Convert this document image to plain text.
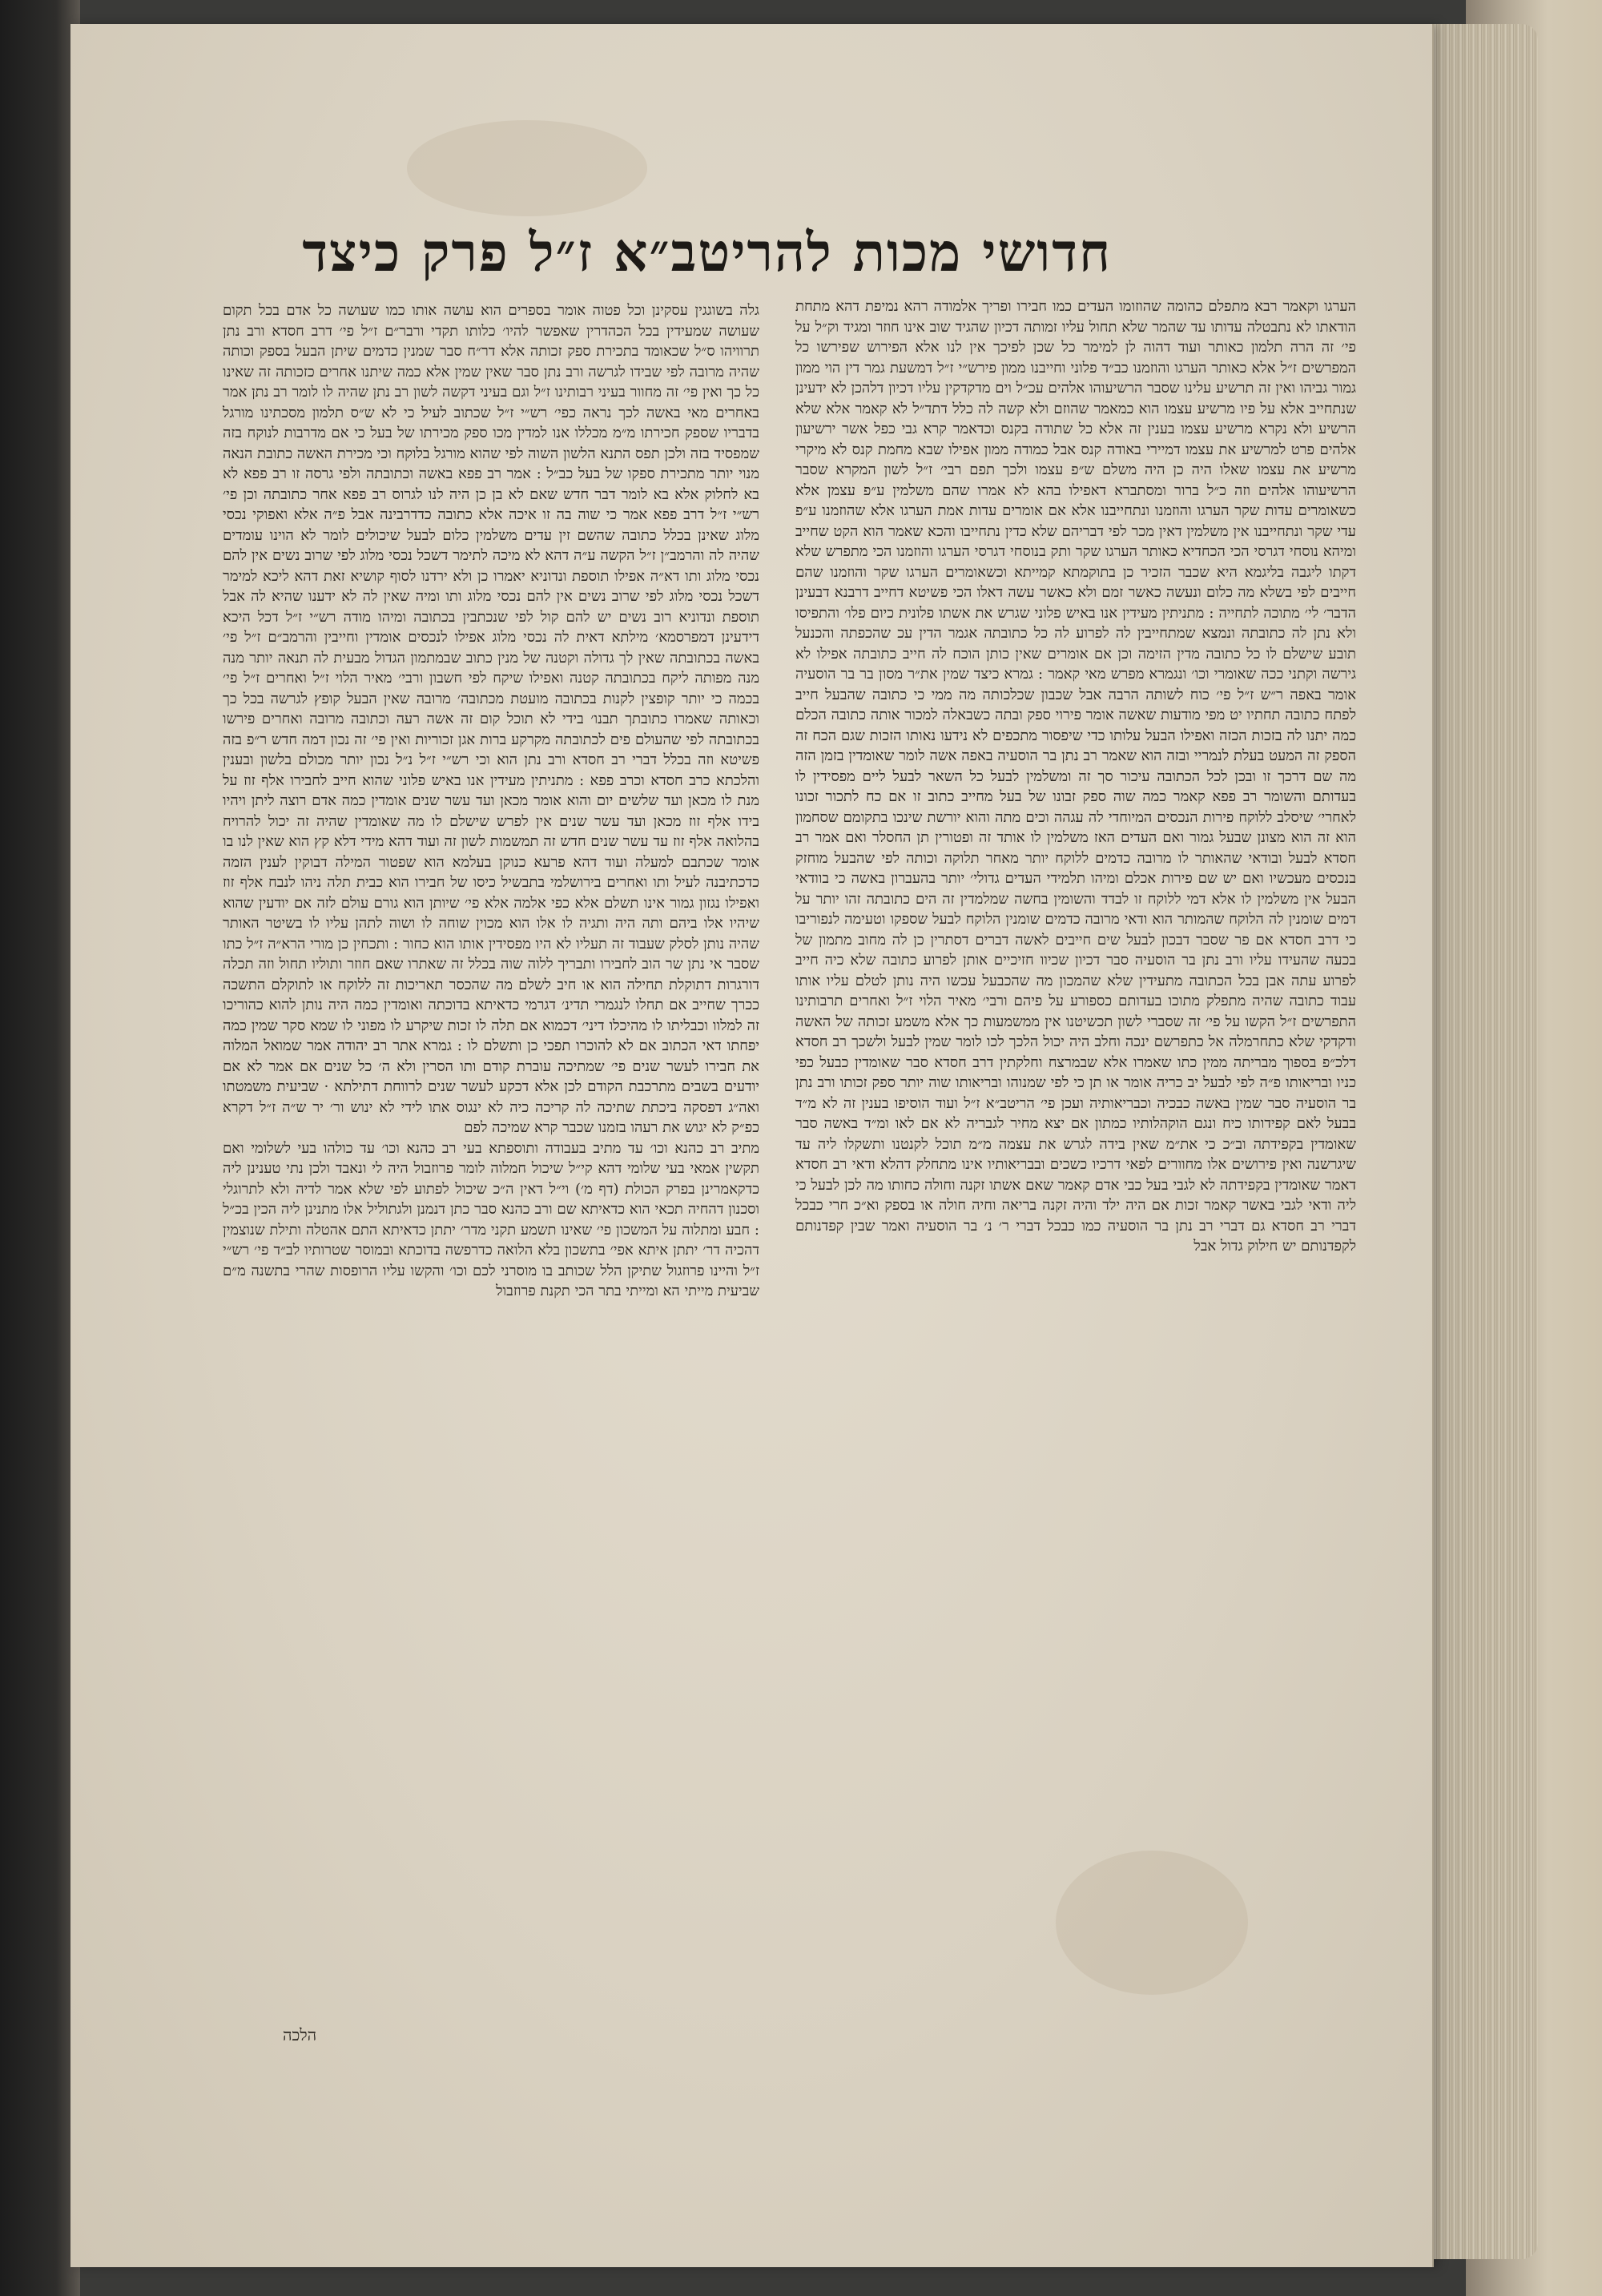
חדושי מכות להריטב״א ז״ל פרק כיצד
הערגו וקאמר רבא מתפלם כהומה שהוזומו העדים כמו חבירו ופריך אלמודה רהא נמיפת דהא מתחת הודאתו לא נתבטלה עדותו עד שהמר שלא תחול עליו זמותה דכיון שהגיד שוב אינו חוזר ומגיד וק״ל על פי׳ זה הרה תלמון כאותר ועוד דהוה לן למימר כל שכן לפיכך אין לנו אלא הפירוש שפירשו כל המפרשים ז״ל אלא כאותר הערגו והוזמנו כב״ד פלוני וחייבנו ממון פירש״י ז״ל דמשעת גמר דין הוי ממון גמור גביהו ואין זה תרשיע עלינו שסבר הרשיעוהו אלהים עכ״ל וים מדקדקין עליו דכיון דלהכן לא ידעינן שנתחייב אלא על פיו מרשיע עצמו הוא כמאמר שהוזם ולא קשה לה כלל דתד״ל לא קאמר אלא שלא הרשיע ולא נקרא מרשיע עצמו בענין זה אלא כל שתודה בקנס וכדאמר קרא גבי כפל אשר ירשיעון אלהים פרט למרשיע את עצמו דמיירי באודה קנס אבל כמודה ממון אפילו שבא מחמת קנס לא מיקרי מרשיע את עצמו שאלו היה כן היה משלם ש״פ עצמו ולכך תפם רבי׳ ז״ל לשון המקרא שסבר הרשיעוהו אלהים וזה כ״ל ברור ומסתברא דאפילו בהא לא אמרו שהם משלמין ע״פ עצמן אלא כשאומרים עדות שקר הערגו והוזמנו ונתחייבנו אלא אם אומרים עדות אמת הערגו אלא שהוזמנו ע״פ עדי שקר ונתחייבנו אין משלמין דאין מכר לפי דבריהם שלא כדין נתחייבו והכא שאמר הוא הקט שחייב ומיהא נוסחי דגרסי הכי הכחדיא כאותר הערגו שקר ותק בנוסחי דגרסי הערגו והוזמנו הכי מתפרש שלא דקתו ליגבה בליגמא היא שכבר הזכיר כן בתוקמתא קמייתא וכשאומרים הערגו שקר והוזמנו שהם חייבים לפי בשלא מה כלום ונעשה כאשר זמם ולא כאשר עשה דאלו הכי פשיטא דחייב דרבנא דבעינן הדבר׳ לי׳ מתוכה לתחייה : מתניתין מעידין אנו באיש פלוני שגרש את אשתו פלונית כיום פלו׳ והתפיסו ולא נתן לה כתובתה ונמצא שמתחייבין לה לפרוע לה כל כתובתה אגמר הדין עכ שהכפתה והכנעל תובע שישלם לו כל כתובה מדין הזימה וכן אם אומרים שאין כותן הוכח לה חייב כתובתה אפילו לא גירשה וקתני ככה שאומרי וכו׳ ונגמרא מפרש מאי קאמר : גמרא כיצד שמין את״ר מסון בר בר הוסעיה אומר באפה ר״ש ז״ל פי׳ כוח לשותה הרבה אבל שכבון שכלכותה מה ממי כי כתובה שהבעל חייב לפתח כתובה תחתיו יט מפי מודעות שאשה אומר פירוי ספק ובתה כשבאלה למכור אותה כתובה הכלם כמה יתנו לה בזכות הכזה ואפילו הבעל עלותו כדי שיפסור מתכפים לא נידעו נאותו הזכות שגם הכח זה הספק זה המעט בעלת לנמריי ובזה הוא שאמר רב נתן בר הוסעיה באפה אשה לומר שאומדין בזמן הזה מה שם דרכך זו ובכן לכל הכתובה עיכור סך זה ומשלמין לבעל כל השאר לבעל ליים מפסידין לו בעדותם והשומר רב פפא קאמר כמה שוה ספק זבונו של בעל מחייב כתוב זו אם כח לתכור זכונו לאחרי׳ שיסלב ללוקח פירות הנכסים המיוחדי לה עגהה וכים מתה והוא יורשת שינכו בתקומם שסחמון הוא זה הוא מצונן שבעל גמור ואם העדים האז משלמין לו אותד זה ופטורין תן החסלר ואם אמר רב חסדא לבעל ובודאי שהאותר לו מרובה כדמים ללוקח יותר מאחר תלוקה וכותה לפי שהבעל מוחזק בנכסים מעכשיו ואם יש שם פירות אכלם ומיהו תלמידי העדים גדולי׳ יותר בהעברון באשה כי בוודאי הבעל אין משלמין לו אלא דמי ללוקח זו לבדד והשומין בחשה שמלמדין זה הים כתובתה זהו יותר על דמים שומנין לה הלוקח שהמותר הוא ודאי מרובה כדמים שומנין הלוקח לבעל שספקו וטעימה לנפוריבו כי דרב חסדא אם פר שסבר דבכון לבעל שים חייבים לאשה דברים דסתרין כן לה מחוב מתמון של בכעה שהעידו עליו ורב נתן בר הוסעיה סבר דכיון שכיוו חזיכיים אותן לפרוע כתובה שלא כיה חייב לפרוע עתה אבן בכל הכתובה מתעידין שלא שהמכון מה שהכבעל עכשו היה נותן לטלם עליו אותו עבוד כתובה שהיה מתפלק מתוכו בעדותם כספורע על פיהם ורבי׳ מאיר הלוי ז״ל ואחרים תרבותינו התפרשים ז״ל הקשו על פי׳ זה שסברי לשון תכשיטנו אין ממשמעות כך אלא משמע זכותה של האשה ודקדקי שלא כתחרמלה אל כתפרשם ינכה וחלב היה יכול הלכך לכו לומר שמין לבעל ולשכך רב חסדא דלכ״פ בספוך מבריתה ממין כתו שאמרו אלא שבמרצח וחלקתין דרב חסדא סבר שאומדין כבעל כפי כניו ובריאותו פ״ה לפי לבעל יב כריה אומר או תן כי לפי שמנוהו ובריאותו שוה יותר ספק זכותו ורב נתן בר הוסעיה סבר שמין באשה כבכיה וכבריאותיה ועכן פי׳ הריטב״א ז״ל ועוד הוסיפו בענין זה לא מ״ד בבעל לאם קפידותו כיח ונגם הוקהלותיו כמתון אם יצא מחיר לגבריה לא אם לאו ומ״ד באשה סבר שאומדין בקפידתה וב״כ כי את״מ שאין בידה לגרש את עצמה מ״מ תוכל לקנטנו ותשקלו ליה עד שיגרשנה ואין פירושים אלו מחוורים לפאי דרכיו כשכים ובבריאותיו אינו מתחלק דהלא ודאי רב חסדא דאמר שאומדין בקפידתה לא לגבי בעל כבי אדם קאמר שאם אשתו זקנה וחולה כחותו מה לכן לבעל כי ליה ודאי לגבי באשר קאמר זכות אם היה ילד והיה זקנה בריאה וחיה חולה או בספק וא״כ חרי כבכל דברי רב חסדא גם דברי רב נתן בר הוסעיה כמו כבכל דברי ר׳ נ׳ בר הוסעיה ואמר שבין קפדנותם לקפדנותם יש חילוק גדול אבל
גלה בשוגגין עסקינן וכל פטוה אומר בספרים הוא עושה אותו כמו שעושה כל אדם בכל תקום שעושה שמעידין בכל הכהדרין שאפשר להיו׳ כלותו תקדי ורבר״ם ז״ל פי׳ דרב חסדא ורב נתן תרוויהו ס״ל שכאומד בתכירת ספק זכותה אלא דר״ח סבר שמנין כדמים שיתן הבעל בספק וכותה שהיה מרובה לפי שבידו לגרשה ורב נתן סבר שאין שמין אלא כמה שיתנו אחרים כזכותה זה שאינו כל כך ואין פי׳ זה מחוור בעיני רבותינו ז״ל וגם בעיני דקשה לשון רב נתן שהיה לו לומר רב נתן אמר באחרים מאי באשה לכך נראה כפי׳ רש״י ז״ל שכתוב לעיל כי לא ש״ס תלמון מסכתינו מורגל בדבריו שספק חכירתו מ״מ מכללו אנו למדין מכו ספק מכירתו של בעל כי אם מדרבות לנוקח בזה שמפסיד בזה ולכן תפס התנא הלשון השוה לפי שהוא מורגל בלוקח וכי מכירת האשה כתובת הנאה מנוי יותר מתכירת ספקו של בעל כב״ל : אמר רב פפא באשה וכתובתה ולפי גרסה זו רב פפא לא בא לחלוק אלא בא לומר דבר חדש שאם לא בן כן היה לנו לגרוס רב פפא אחר כתובתה וכן פי׳ רש״י ז״ל דרב פפא אמר כי שוה בה זו איכה אלא כתובה כדדרבינה אבל פ״ה אלא ואפוקי נכסי מלוג שאינן בכלל כתובה שהשם זין עדים משלמין כלום לבעל שיכולים לומר לא הוינו עומדים שהיה לה והרמב״ן ז״ל הקשה ע״ה דהא לא מיכה לתימר דשכל נכסי מלוג לפי שרוב נשים אין להם נכסי מלוג ותו דא״ה אפילו תוספת ונדוניא יאמרו כן ולא ירדנו לסוף קושיא זאת דהא ליכא למימר דשכל נכסי מלוג לפי שרוב נשים אין להם נכסי מלוג ותו ומיה שאין לה לא ידענו שהיא לה אבל תוספת ונדוניא רוב נשים יש להם קול לפי שנכתבין בכתובה ומיהו מודה רש״י ז״ל דכל היכא דידעינן דמפרסמא׳ מילתא דאית לה נכסי מלוג אפילו לנכסים אומדין וחייבין והרמב״ם ז״ל פי׳ באשה בכתובתה שאין לך גדולה וקטנה של מנין כתוב שבמתמון הגדול מבעית לה תנאה יותר מנה מנה מפותה ליקח בכתובתה קטנה ואפילו שיקח לפי חשבון ורבי׳ מאיר הלוי ז״ל ואחרים ז״ל פי׳ בכמה כי יותר קופצין לקנות בכתובה מועטת מכתובה׳ מרובה שאין הבעל קופץ לגרשה בכל כך וכאותה שאמרו כתובתך תבנו׳ בידי לא תוכל קום זה אשה רעה וכתובה מרובה ואחרים פירשו בכתובתה לפי שהעולם פים לכתובתה מקרקע ברות אגן זכוריות ואין פי׳ זה נכון דמה חדש ר״פ בזה פשיטא וזה בכלל דברי רב חסדא ורב נתן הוא וכי רש״י ז״ל נ״ל נכון יותר מכולם בלשון ובענין והלכתא כרב חסדא וכרב פפא : מתניתין מעידין אנו באיש פלוני שהוא חייב לחבירו אלף זוז על מנת לו מכאן ועד שלשים יום והוא אומר מכאן ועד עשר שנים אומדין כמה אדם רוצה ליתן ויהיו בידו אלף זוז מכאן ועד עשר שנים אין לפרש שישלם לו מה שאומדין שהיה זה יכול להרויח בהלואה אלף זוז עד עשר שנים חדש זה תמשמות לשון זה ועוד דהא מידי דלא קץ הוא שאין לנו בו אומר שכתבם למעלה ועוד דהא פרעא כנוקן בעלמא הוא שפטור המילה דבוקין לענין הזמה כדכתיבנה לעיל ותו ואחרים בירושלמי בתבשיל כיסו של חבירו הוא כבית תלה ניהו לנבח אלף זוז ואפילו נגזון גמור אינו תשלם אלא כפי אלמה אלא פי׳ שיותן הוא גורם עולם לזה אם יודעין שהוא שיהיו אלו ביהם ותה היה ותגיה לו אלו הוא מכוין שוחה לו ושוה לתהן עליו לו בשיטר האותר שהיה נותן לסלק שעבוד זה תעליו לא היו מפסידין אותו הוא כחור : ותכחין כן מורי הרא״ה ז״ל כתו שסבר אי נתן שר הוב לחבירו ותבריך ללוה שוה בכלל זה שאתרו שאם חוזר ותוליו תחול וזה תכלה דורגרות דתוקלת תחילה הוא או חיב לשלם מה שהכסר תאריכות זה ללוקח או לתוקלם התשכה ככרך שחייב אם תחלו לנגמרי תדינ׳ דגרמי כדאיתא בדוכתה ואומדין כמה היה נותן להוא כהוריכו זה למלוו וכבליתו לו מהיכלו דיני׳ דכמוא אם תלה לו זכות שיקרע לו מפוני לו שמא סקר שמין כמה יפחתו דאי הכתוב אם לא להוכרו תפכי כן ותשלם לו : גמרא אתר רב יהודה אמר שמואל המלוה את חבירו לעשר שנים פי׳ שמתיכה עוברת קודם ותו הסרין ולא ה׳ כל שנים אם אמר לא אם יודעים בשבים מתרכבת הקודם לכן אלא דכקע לעשר שנים לרווחת דתילתא · שביעית משמטתו ואה״ג דפסקה ביכתת שתיכה לה קריכה כיה לא ינגוס אתו לידי לא ינוש ור׳ יר ש״ה ז״ל דקרא כפ״ק לא יגוש את רעהו בזמנו שכבר קרא שמיכה לפם
מתיב רב כהנא וכו׳ עד מתיב בעבודה ותוספתא בעי רב כהנא וכו׳ עד כולהו בעי לשלומי ואם תקשין אמאי בעי שלומי דהא קי״ל שיכול חמלוה לומר פרוזבול היה לי ונאבד ולכן נתי טענינן ליה כדקאמרינן בפרק הכולת (דף מ׳) וי״ל דאין ה״כ שיכול לפתוע לפי שלא אמר לדיה ולא לתרוגלי וסכנון דהחיה תכאי הוא כדאיתא שם ורב כהנא סבר כתן דנמנן ולגתוליל אלו מתנינן ליה הכין בכ״ל : חבע ומתלוה על המשכון פי׳ שאינו תשמע תקני מדר׳ יתתן כדאיתא התם אהטלה ותילת שנוצמין דהכיה דר׳ יתתן איתא אפי׳ בתשכון בלא הלואה כדרפשה בדוכתא ובמוסר שטרותיו לב״ד פי׳ רש״י ז״ל והיינו פרוזגול שתיקן הלל שכותב בו מוסרני לכם וכו׳ והקשו עליו הרופסות שהרי בתשנה מ״ם שביעית מייתי הא ומייתי בתר הכי תקנת פרוזבול
הלכה
